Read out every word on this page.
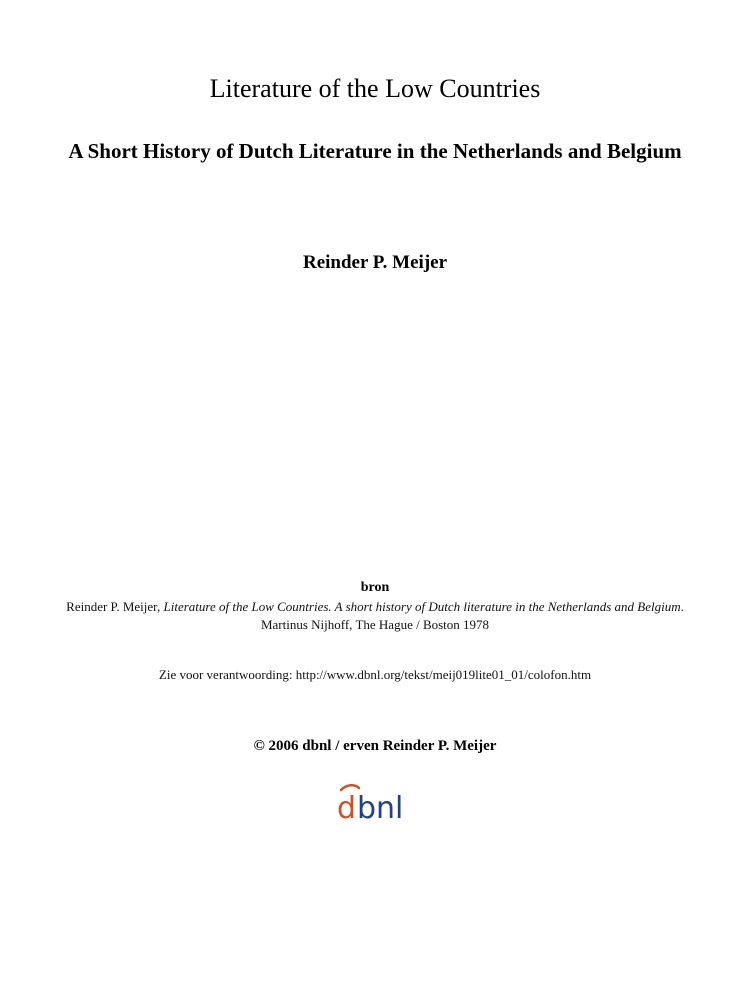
Literature of the Low Countries
A Short History of Dutch Literature in the Netherlands and Belgium
Reinder P. Meijer

bron

Reinder P. Meijer, Literature of the Low Countries. A short history of Dutch literature in the Netherlands and Belgium. Martinus Nijhoff, The Hague / Boston 1978

Zie voor verantwoording: http://www.dbnl.org/tekst/meij019lite01_01/colofon.htm

© 2006 dbnl / erven Reinder P. Meijer

d bnl
